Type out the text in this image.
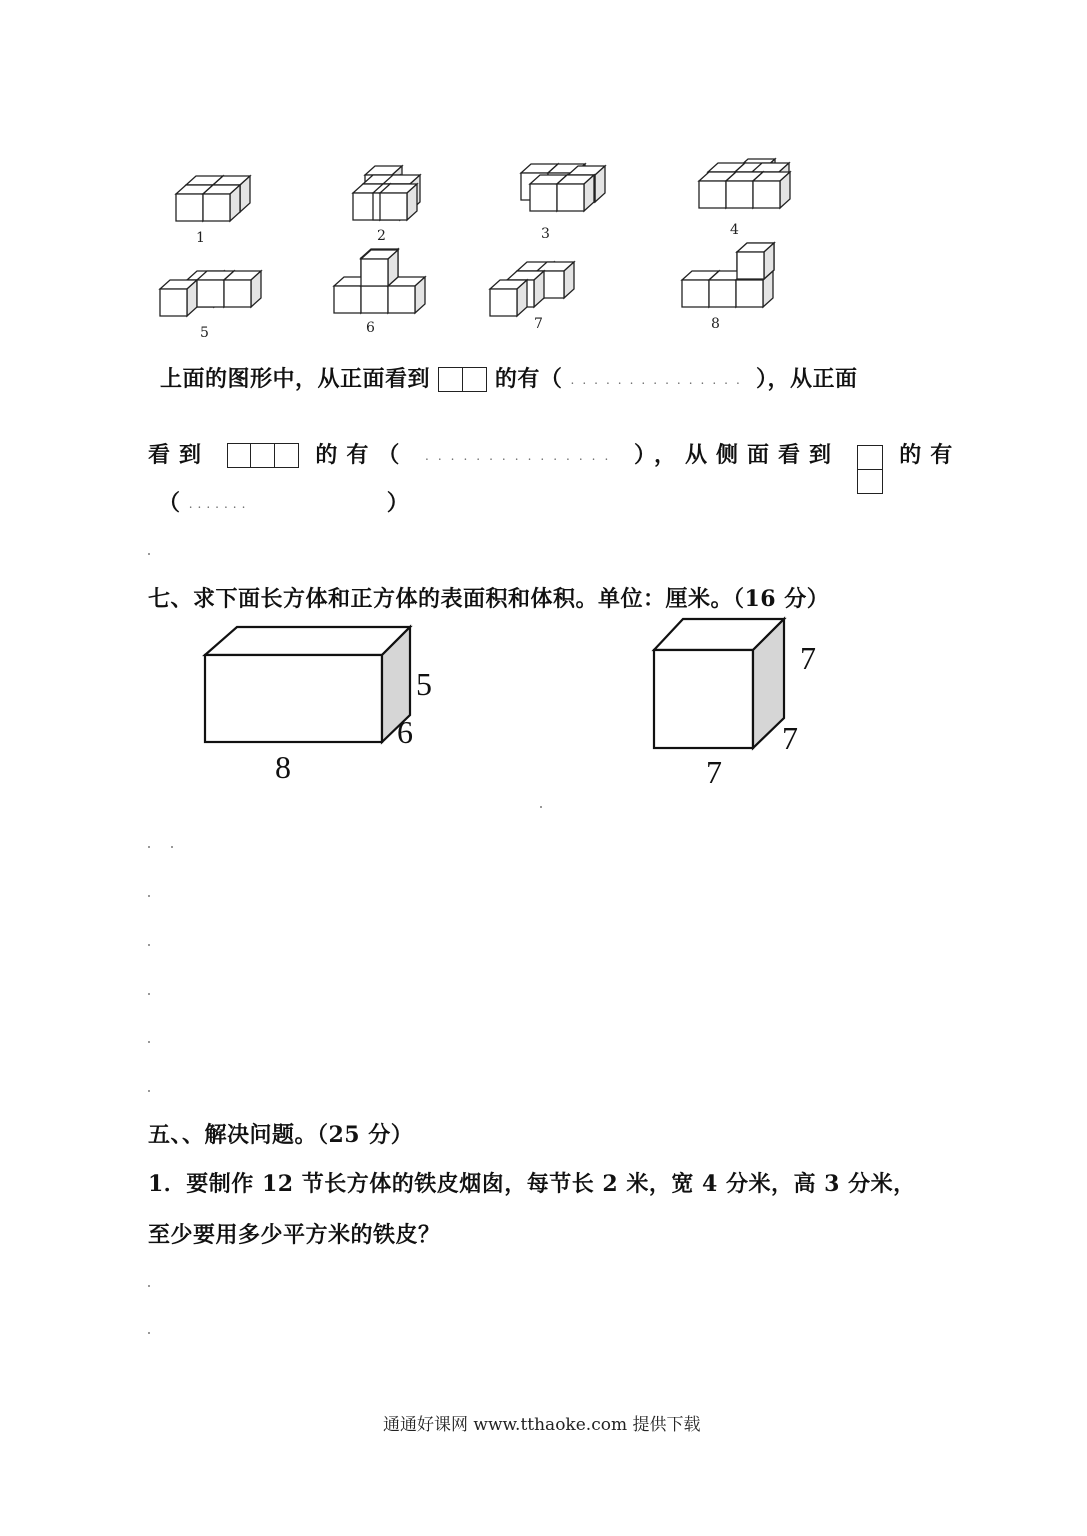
1	2	3	4
5	6	7	8
上面的图形中，从正面看到	的有（ ............... ），从正面
看到	的有（ ............... ），从侧面看到	的有
（ .......	）
七、求下面长方体和正方体的表面积和体积。单位：厘米。（16 分）
5
6
8
7
7
7
五、、解决问题。（25 分）
1．要制作 12 节长方体的铁皮烟囱，每节长 2 米，宽 4 分米，高 3 分米，
至少要用多少平方米的铁皮？
通通好课网 www.tthaoke.com 提供下载
